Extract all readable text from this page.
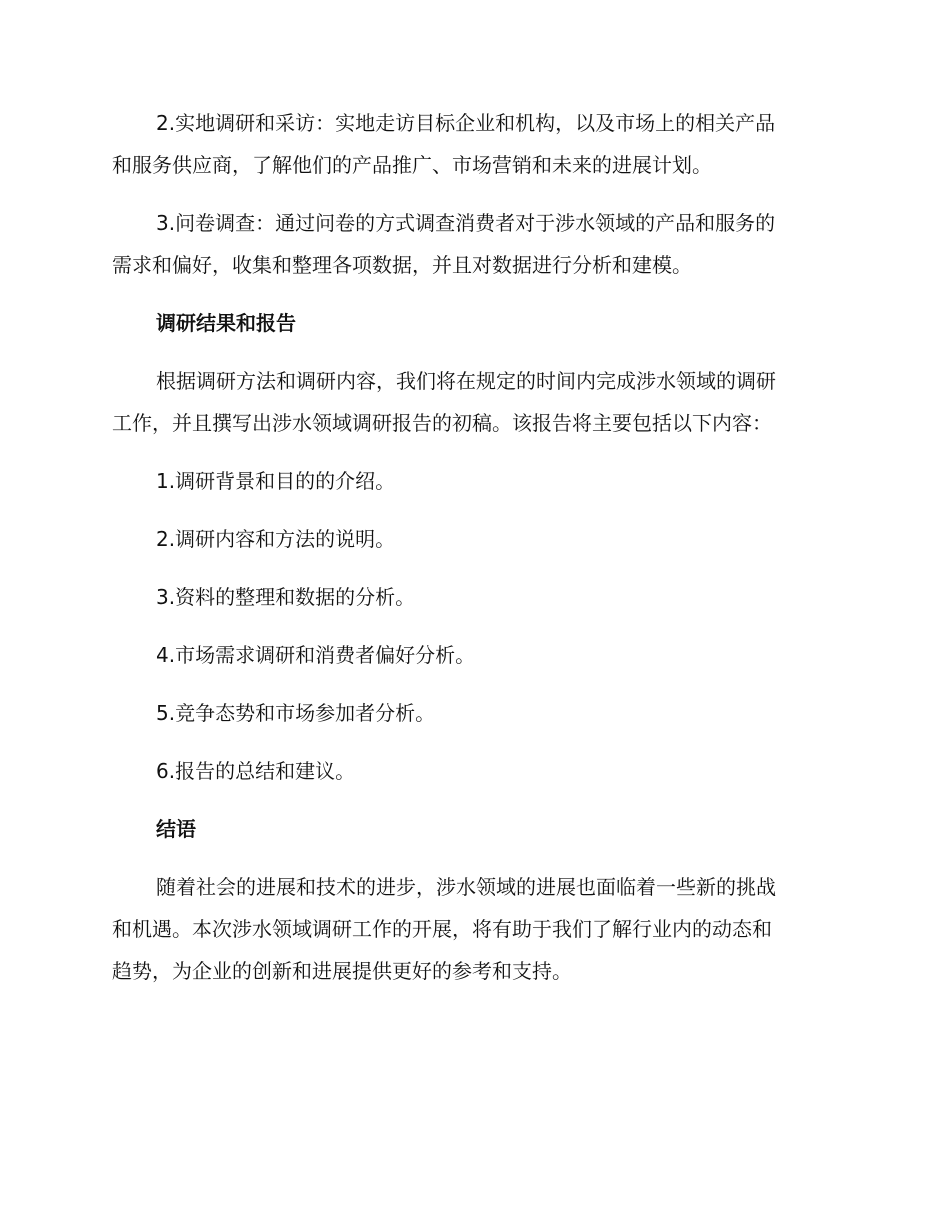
2.实地调研和采访：实地走访目标企业和机构，以及市场上的相关产品

和服务供应商，了解他们的产品推广、市场营销和未来的进展计划。

3.问卷调查：通过问卷的方式调查消费者对于涉水领域的产品和服务的

需求和偏好，收集和整理各项数据，并且对数据进行分析和建模。

调研结果和报告

根据调研方法和调研内容，我们将在规定的时间内完成涉水领域的调研

工作，并且撰写出涉水领域调研报告的初稿。该报告将主要包括以下内容：

1.调研背景和目的的介绍。

2.调研内容和方法的说明。

3.资料的整理和数据的分析。

4.市场需求调研和消费者偏好分析。

5.竞争态势和市场参加者分析。

6.报告的总结和建议。

结语

随着社会的进展和技术的进步，涉水领域的进展也面临着一些新的挑战

和机遇。本次涉水领域调研工作的开展，将有助于我们了解行业内的动态和

趋势，为企业的创新和进展提供更好的参考和支持。
